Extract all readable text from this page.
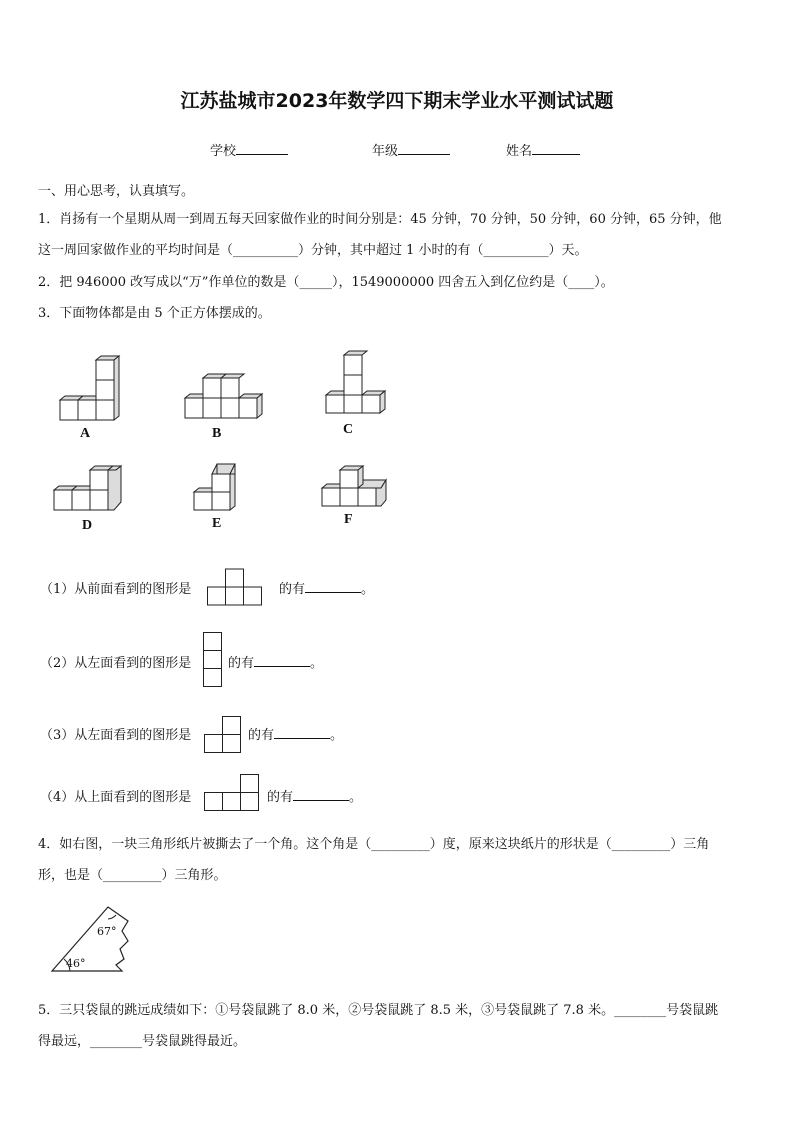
江苏盐城市2023年数学四下期末学业水平测试试题
学校	年级	姓名
一、用心思考，认真填写。
1．肖扬有一个星期从周一到周五每天回家做作业的时间分别是：45 分钟，70 分钟，50 分钟，60 分钟，65 分钟，他
这一周回家做作业的平均时间是（__________）分钟，其中超过 1 小时的有（__________）天。
2．把 946000 改写成以“万”作单位的数是（_____），1549000000 四舍五入到亿位约是（____）。
3．下面物体都是由 5 个正方体摆成的。
A	B	C
D	E	F
（1）从前面看到的图形是	的有	。
（2）从左面看到的图形是	的有	。
（3）从左面看到的图形是	的有	。
（4）从上面看到的图形是	的有	。
4．如右图，一块三角形纸片被撕去了一个角。这个角是（_________）度，原来这块纸片的形状是（_________）三角
形，也是（_________）三角形。
67°
46°
5．三只袋鼠的跳远成绩如下：①号袋鼠跳了 8.0 米，②号袋鼠跳了 8.5 米，③号袋鼠跳了 7.8 米。________号袋鼠跳
得最远，________号袋鼠跳得最近。
